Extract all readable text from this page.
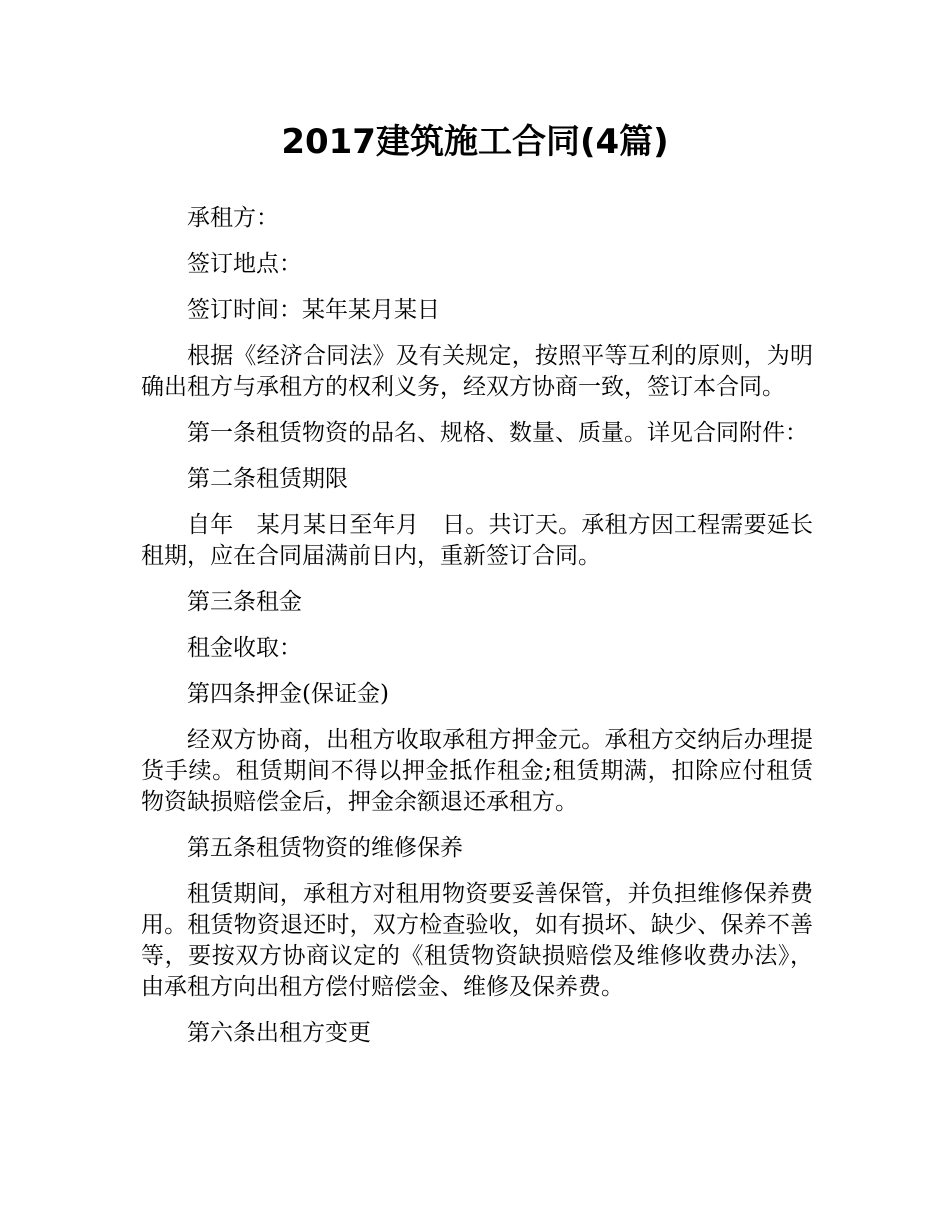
2017建筑施工合同(4篇)

承租方：

签订地点：

签订时间：某年某月某日

根据《经济合同法》及有关规定，按照平等互利的原则，为明确出租方与承租方的权利义务，经双方协商一致，签订本合同。

第一条租赁物资的品名、规格、数量、质量。详见合同附件：

第二条租赁期限

自年　某月某日至年月　日。共订天。承租方因工程需要延长租期，应在合同届满前日内，重新签订合同。

第三条租金

租金收取：

第四条押金(保证金)

经双方协商，出租方收取承租方押金元。承租方交纳后办理提货手续。租赁期间不得以押金抵作租金;租赁期满，扣除应付租赁物资缺损赔偿金后，押金余额退还承租方。

第五条租赁物资的维修保养

租赁期间，承租方对租用物资要妥善保管，并负担维修保养费用。租赁物资退还时，双方检查验收，如有损坏、缺少、保养不善等，要按双方协商议定的《租赁物资缺损赔偿及维修收费办法》，由承租方向出租方偿付赔偿金、维修及保养费。

第六条出租方变更
